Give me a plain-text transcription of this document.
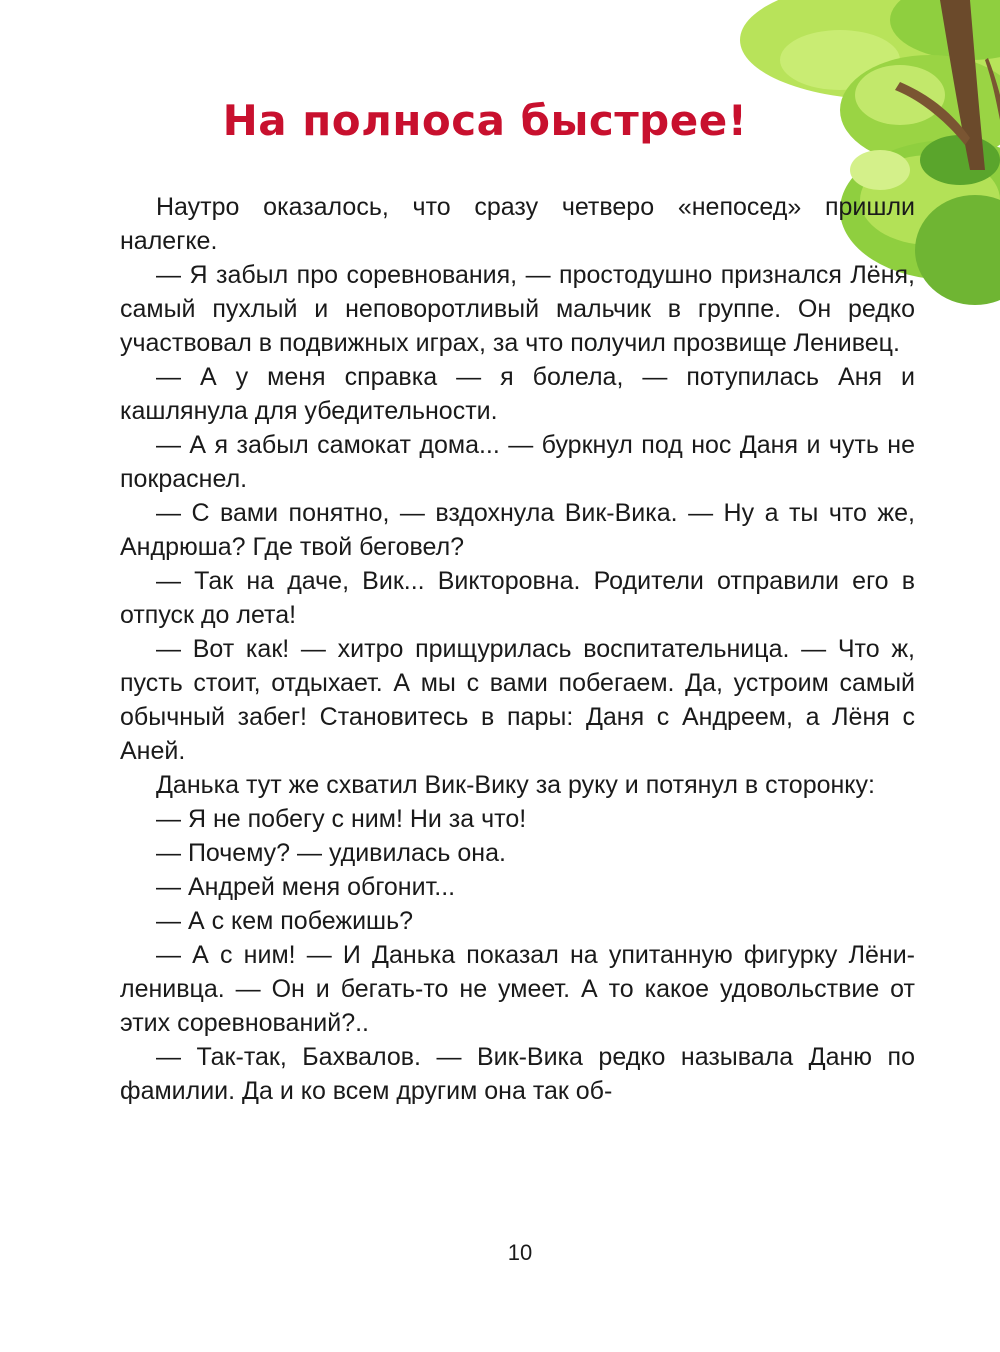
На полноса быстрее!

Наутро оказалось, что сразу четверо «непосед» пришли налегке.

— Я забыл про соревнования, — простодушно признался Лёня, самый пухлый и неповоротливый мальчик в группе. Он редко участвовал в подвижных играх, за что получил прозвище Ленивец.

— А у меня справка — я болела, — потупилась Аня и кашлянула для убедительности.

— А я забыл самокат дома... — буркнул под нос Даня и чуть не покраснел.

— С вами понятно, — вздохнула Вик-Вика. — Ну а ты что же, Андрюша? Где твой беговел?

— Так на даче, Вик... Викторовна. Родители отправили его в отпуск до лета!

— Вот как! — хитро прищурилась воспитательница. — Что ж, пусть стоит, отдыхает. А мы с вами побегаем. Да, устроим самый обычный забег! Становитесь в пары: Даня с Андреем, а Лёня с Аней.

Данька тут же схватил Вик-Вику за руку и потянул в сторонку:

— Я не побегу с ним! Ни за что!

— Почему? — удивилась она.

— Андрей меня обгонит...

— А с кем побежишь?

— А с ним! — И Данька показал на упитанную фигурку Лёни-ленивца. — Он и бегать-то не умеет. А то какое удовольствие от этих соревнований?..

— Так-так, Бахвалов. — Вик-Вика редко называла Даню по фамилии. Да и ко всем другим она так об-

10
